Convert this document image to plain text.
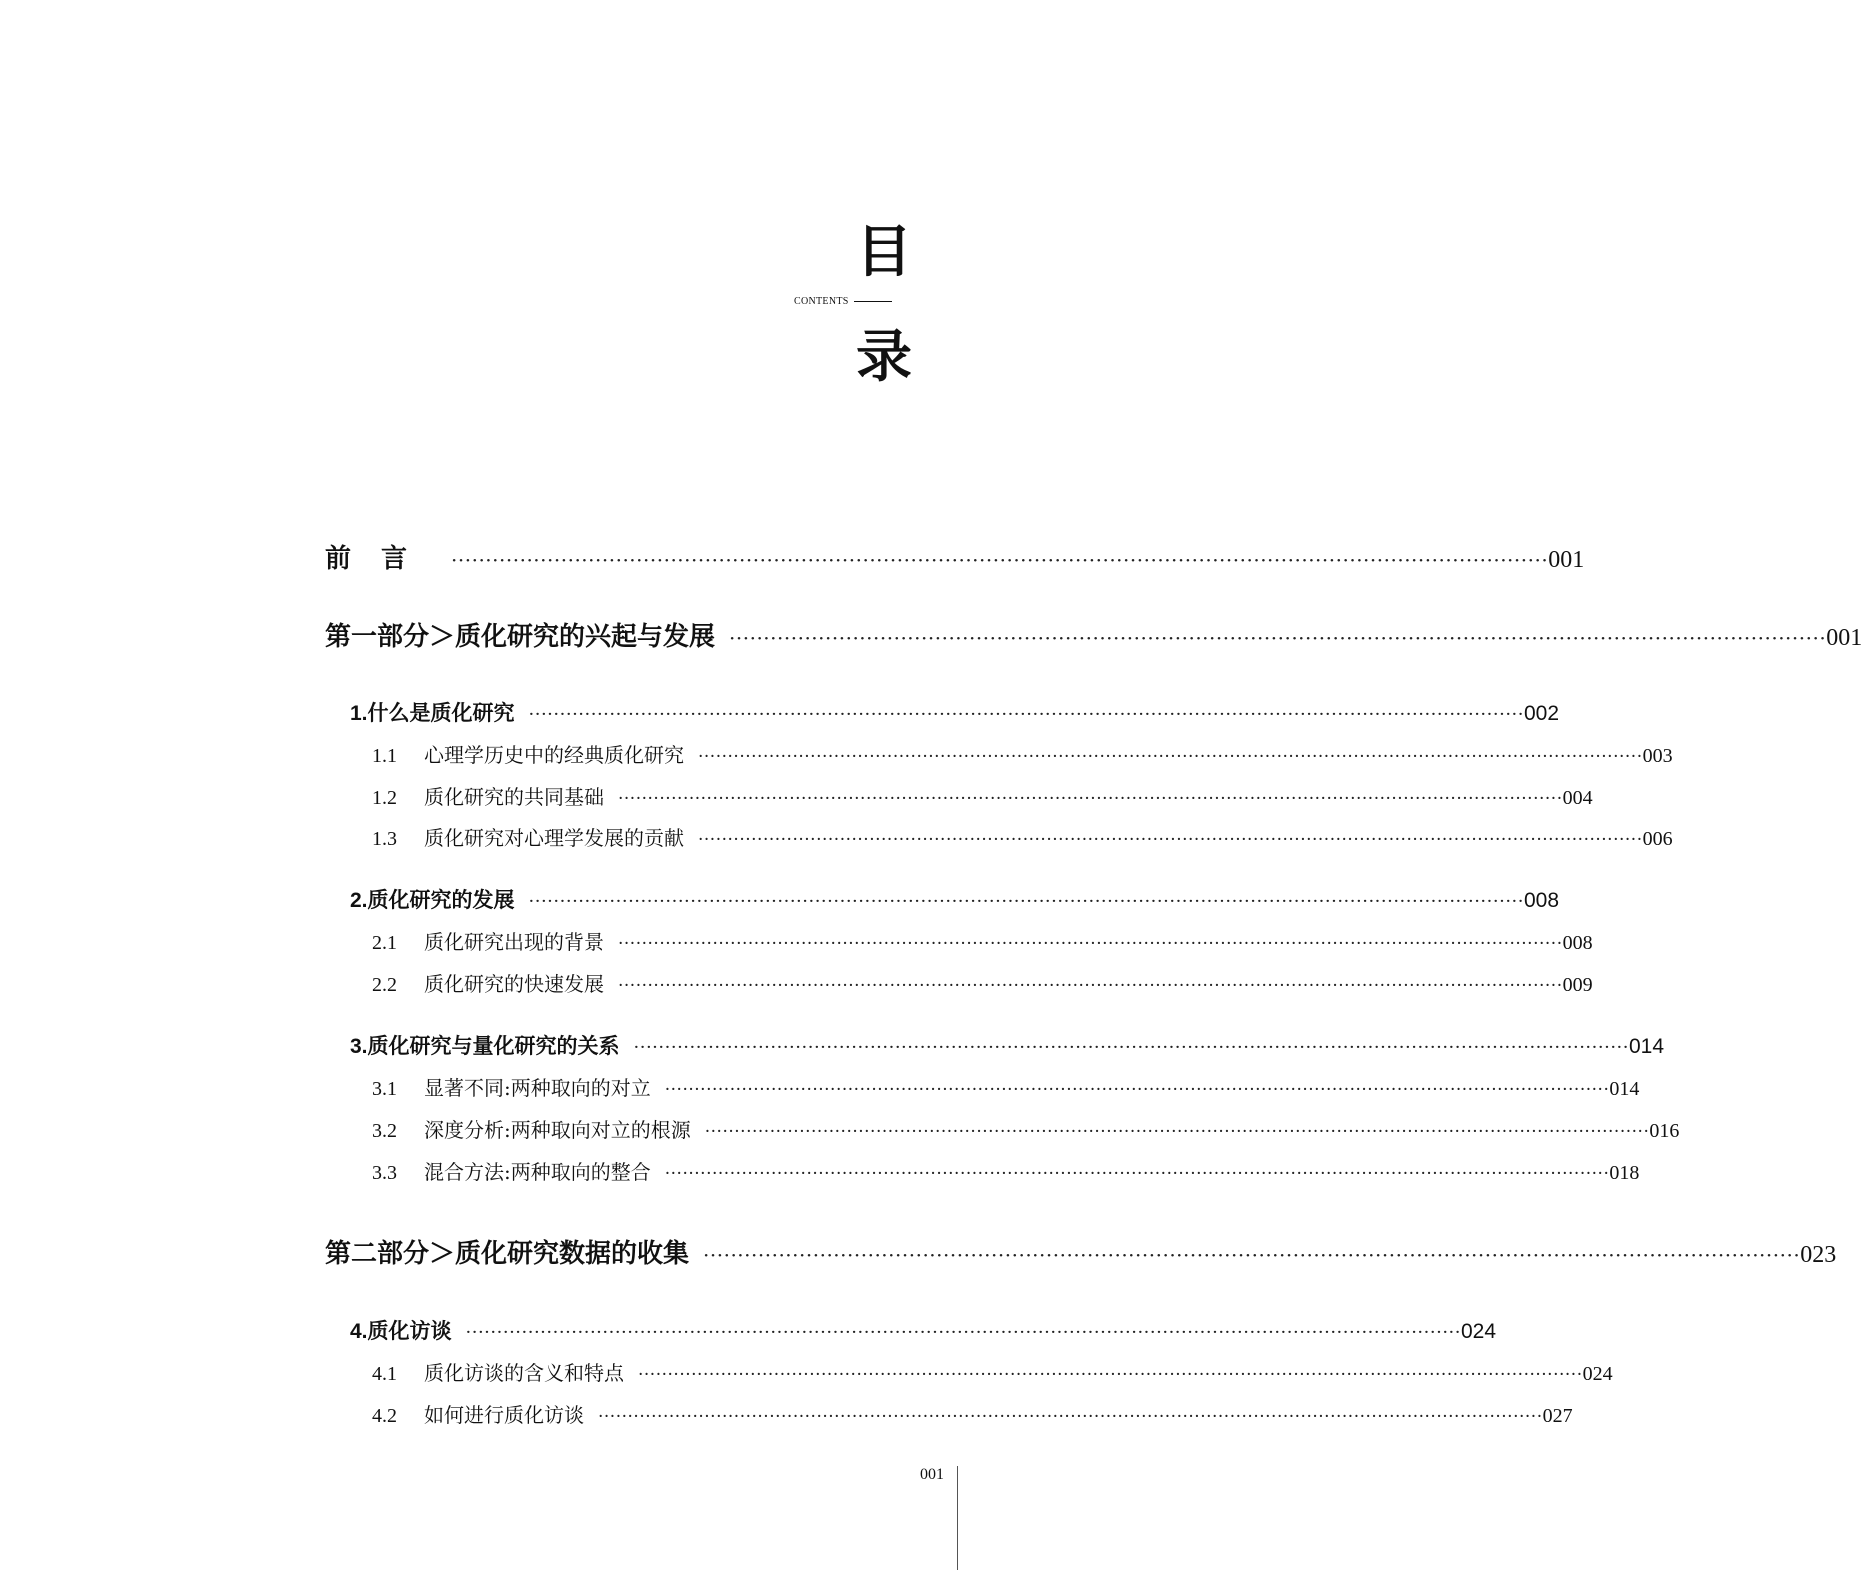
目
CONTENTS
录
前言 ································································································································································ 001
第一部分＞质化研究的兴起与发展 ································································································································································ 001
1.什么是质化研究 ································································································································································ 002
1.1 心理学历史中的经典质化研究 ································································································································································ 003
1.2 质化研究的共同基础 ································································································································································ 004
1.3 质化研究对心理学发展的贡献 ································································································································································ 006
2.质化研究的发展 ································································································································································ 008
2.1 质化研究出现的背景 ································································································································································ 008
2.2 质化研究的快速发展 ································································································································································ 009
3.质化研究与量化研究的关系 ································································································································································ 014
3.1 显著不同:两种取向的对立 ································································································································································ 014
3.2 深度分析:两种取向对立的根源 ································································································································································ 016
3.3 混合方法:两种取向的整合 ································································································································································ 018
第二部分＞质化研究数据的收集 ································································································································································ 023
4.质化访谈 ································································································································································ 024
4.1 质化访谈的含义和特点 ································································································································································ 024
4.2 如何进行质化访谈 ································································································································································ 027
001
